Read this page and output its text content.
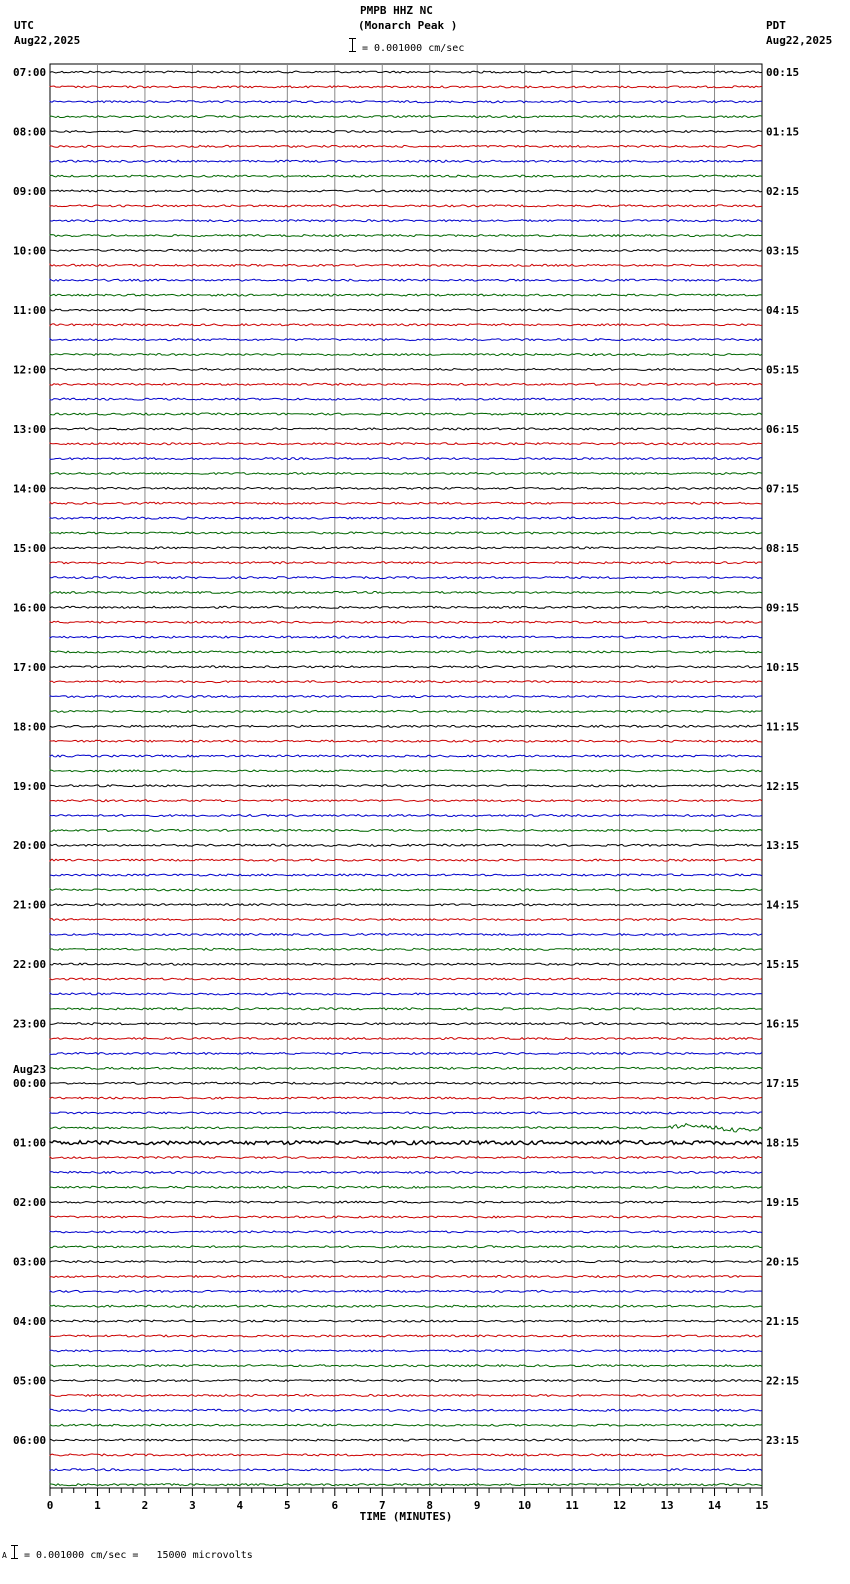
PMPB HHZ NC
(Monarch Peak )
UTC
Aug22,2025
PDT
Aug22,2025
= 0.001000 cm/sec
07:00	00:15
08:00	01:15
09:00	02:15
10:00	03:15
11:00	04:15
12:00	05:15
13:00	06:15
14:00	07:15
15:00	08:15
16:00	09:15
17:00	10:15
18:00	11:15
19:00	12:15
20:00	13:15
21:00	14:15
22:00	15:15
23:00	16:15
00:00	17:15
01:00	18:15
02:00	19:15
03:00	20:15
04:00	21:15
05:00	22:15
06:00	23:15
Aug23
0	1	2	3	4	5	6	7	8	9	10	11	12	13	14	15
TIME (MINUTES)
A = 0.001000 cm/sec =   15000 microvolts
